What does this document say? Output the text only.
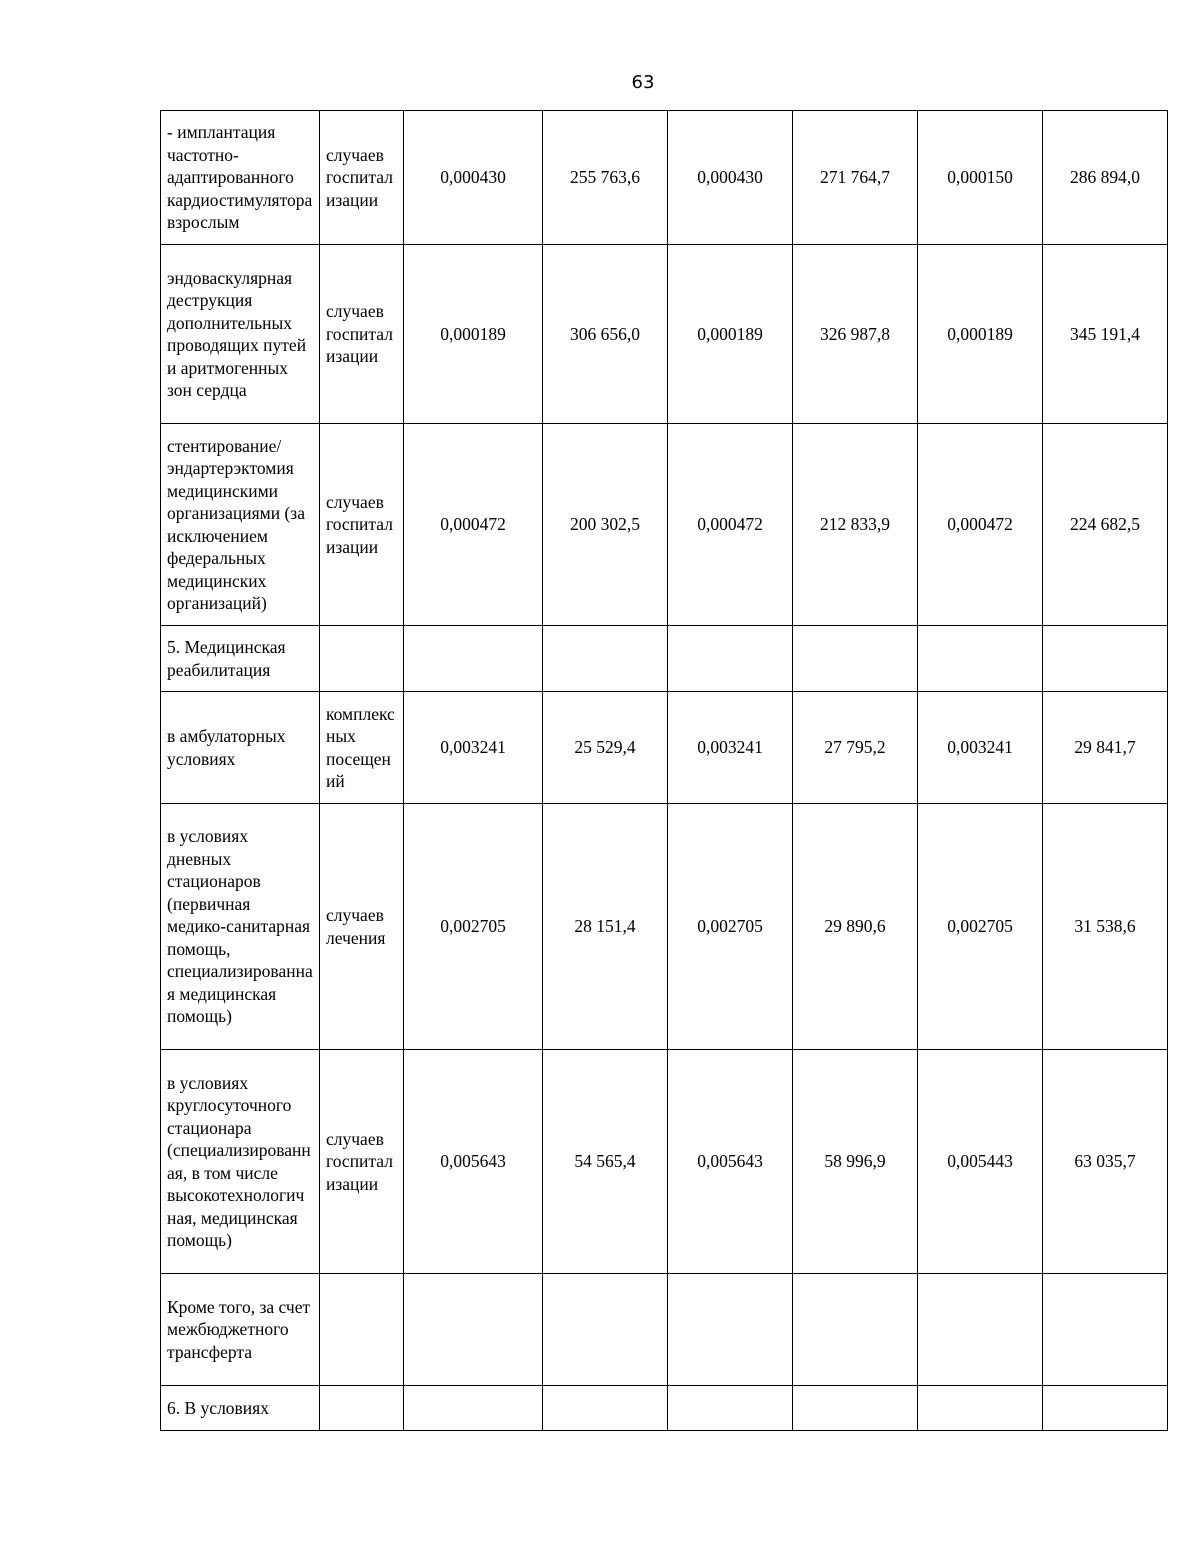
63
- имплантация частотно-адаптированного кардиостимулятора взрослым	случаев госпитализации	0,000430	255 763,6	0,000430	271 764,7	0,000150	286 894,0
эндоваскулярная деструкция дополнительных проводящих путей и аритмогенных зон сердца	случаев госпитализации	0,000189	306 656,0	0,000189	326 987,8	0,000189	345 191,4
стентирование/эндартерэктомия медицинскими организациями (за исключением федеральных медицинских организаций)	случаев госпитализации	0,000472	200 302,5	0,000472	212 833,9	0,000472	224 682,5
5. Медицинская реабилитация							
в амбулаторных условиях	комплексных посещений	0,003241	25 529,4	0,003241	27 795,2	0,003241	29 841,7
в условиях дневных стационаров (первичная медико-санитарная помощь, специализированная медицинская помощь)	случаев лечения	0,002705	28 151,4	0,002705	29 890,6	0,002705	31 538,6
в условиях круглосуточного стационара (специализированная, в том числе высокотехнологичная, медицинская помощь)	случаев госпитализации	0,005643	54 565,4	0,005643	58 996,9	0,005443	63 035,7
Кроме того, за счет межбюджетного трансферта							
6. В условиях							
